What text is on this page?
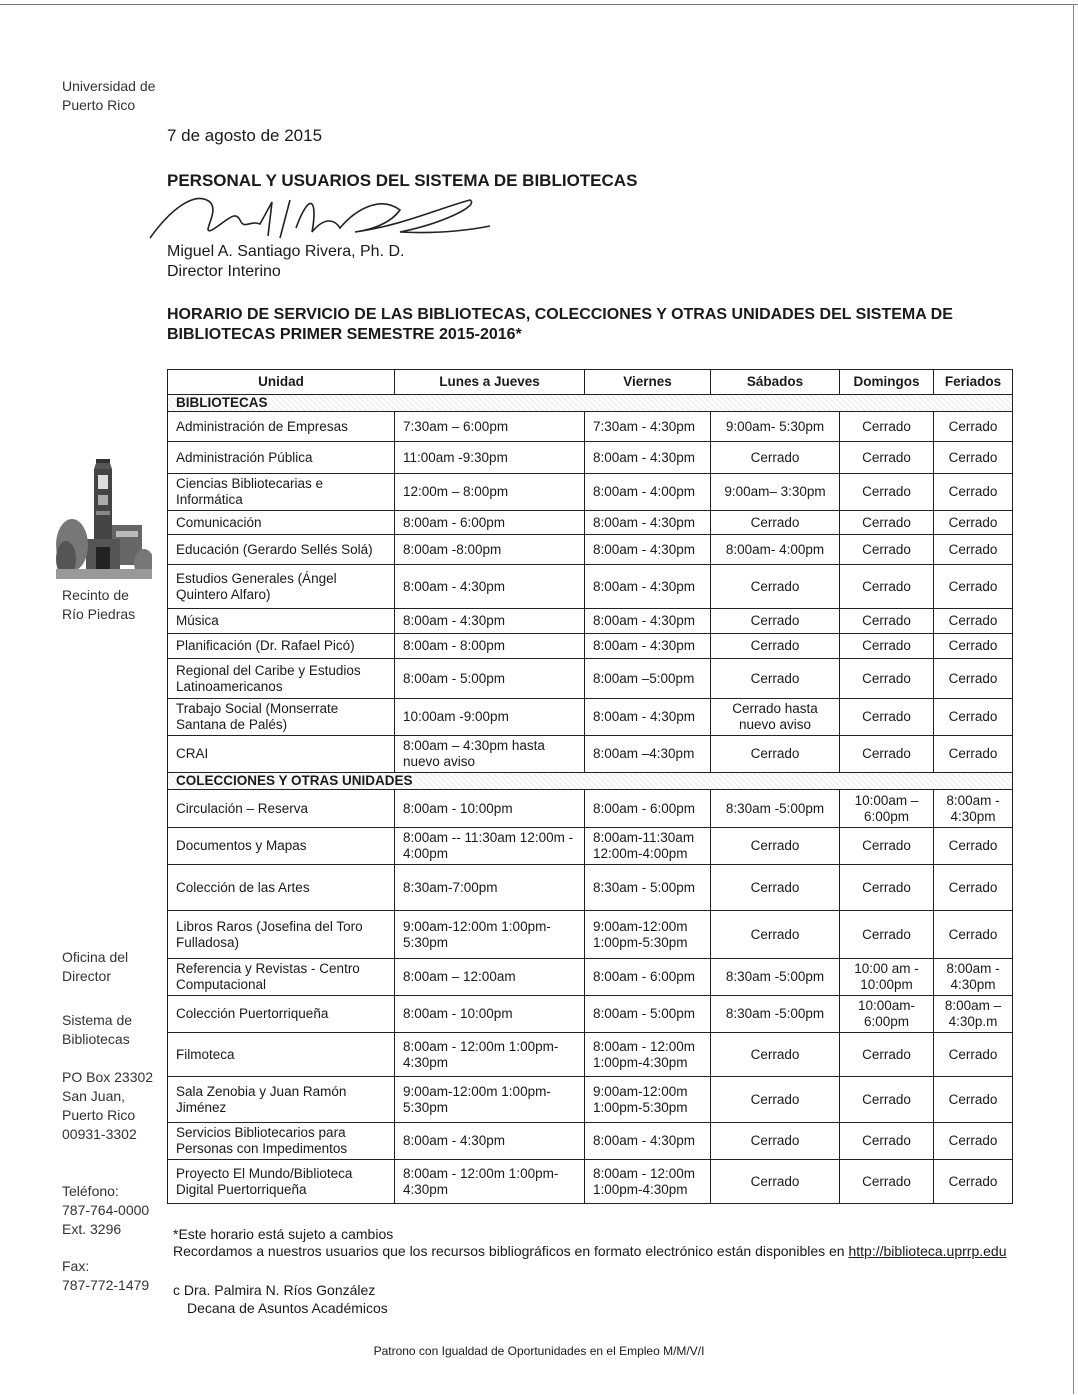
Universidad de
Puerto Rico
Recinto de
Río Piedras
Oficina del
Director
Sistema de
Bibliotecas
PO Box 23302
San Juan,
Puerto Rico
00931-3302
Teléfono:
787-764-0000
Ext. 3296
Fax:
787-772-1479
7 de agosto de 2015
PERSONAL Y USUARIOS DEL SISTEMA DE BIBLIOTECAS
Miguel A. Santiago Rivera, Ph. D.
Director Interino
HORARIO DE SERVICIO DE LAS BIBLIOTECAS, COLECCIONES Y OTRAS UNIDADES DEL SISTEMA DE BIBLIOTECAS PRIMER SEMESTRE 2015-2016*
Unidad	Lunes a Jueves	Viernes	Sábados	Domingos	Feriados
BIBLIOTECAS					
Administración de Empresas	7:30am – 6:00pm	7:30am - 4:30pm	9:00am- 5:30pm	Cerrado	Cerrado
Administración Pública	11:00am -9:30pm	8:00am - 4:30pm	Cerrado	Cerrado	Cerrado
Ciencias Bibliotecarias e Informática	12:00m – 8:00pm	8:00am - 4:00pm	9:00am– 3:30pm	Cerrado	Cerrado
Comunicación	8:00am - 6:00pm	8:00am - 4:30pm	Cerrado	Cerrado	Cerrado
Educación (Gerardo Sellés Solá)	8:00am -8:00pm	8:00am - 4:30pm	8:00am- 4:00pm	Cerrado	Cerrado
Estudios Generales (Ángel Quintero Alfaro)	8:00am - 4:30pm	8:00am - 4:30pm	Cerrado	Cerrado	Cerrado
Música	8:00am - 4:30pm	8:00am - 4:30pm	Cerrado	Cerrado	Cerrado
Planificación (Dr. Rafael Picó)	8:00am - 8:00pm	8:00am - 4:30pm	Cerrado	Cerrado	Cerrado
Regional del Caribe y Estudios Latinoamericanos	8:00am - 5:00pm	8:00am –5:00pm	Cerrado	Cerrado	Cerrado
Trabajo Social (Monserrate Santana de Palés)	10:00am -9:00pm	8:00am - 4:30pm	Cerrado hasta nuevo aviso	Cerrado	Cerrado
CRAI	8:00am – 4:30pm hasta nuevo aviso	8:00am –4:30pm	Cerrado	Cerrado	Cerrado
COLECCIONES Y OTRAS UNIDADES					
Circulación – Reserva	8:00am - 10:00pm	8:00am - 6:00pm	8:30am -5:00pm	10:00am – 6:00pm	8:00am - 4:30pm
Documentos y Mapas	8:00am -- 11:30am 12:00m - 4:00pm	8:00am-11:30am 12:00m-4:00pm	Cerrado	Cerrado	Cerrado
Colección de las Artes	8:30am-7:00pm	8:30am - 5:00pm	Cerrado	Cerrado	Cerrado
Libros Raros (Josefina del Toro Fulladosa)	9:00am-12:00m 1:00pm-5:30pm	9:00am-12:00m 1:00pm-5:30pm	Cerrado	Cerrado	Cerrado
Referencia y Revistas - Centro Computacional	8:00am – 12:00am	8:00am - 6:00pm	8:30am -5:00pm	10:00 am - 10:00pm	8:00am - 4:30pm
Colección Puertorriqueña	8:00am - 10:00pm	8:00am - 5:00pm	8:30am -5:00pm	10:00am- 6:00pm	8:00am – 4:30p.m
Filmoteca	8:00am - 12:00m 1:00pm-4:30pm	8:00am - 12:00m 1:00pm-4:30pm	Cerrado	Cerrado	Cerrado
Sala Zenobia y Juan Ramón Jiménez	9:00am-12:00m 1:00pm-5:30pm	9:00am-12:00m 1:00pm-5:30pm	Cerrado	Cerrado	Cerrado
Servicios Bibliotecarios para Personas con Impedimentos	8:00am - 4:30pm	8:00am - 4:30pm	Cerrado	Cerrado	Cerrado
Proyecto El Mundo/Biblioteca Digital Puertorriqueña	8:00am - 12:00m 1:00pm-4:30pm	8:00am - 12:00m 1:00pm-4:30pm	Cerrado	Cerrado	Cerrado
*Este horario está sujeto a cambios
Recordamos a nuestros usuarios que los recursos bibliográficos en formato electrónico están disponibles en http://biblioteca.uprrp.edu
c Dra. Palmira N. Ríos González
Decana de Asuntos Académicos
Patrono con Igualdad de Oportunidades en el Empleo M/M/V/I
